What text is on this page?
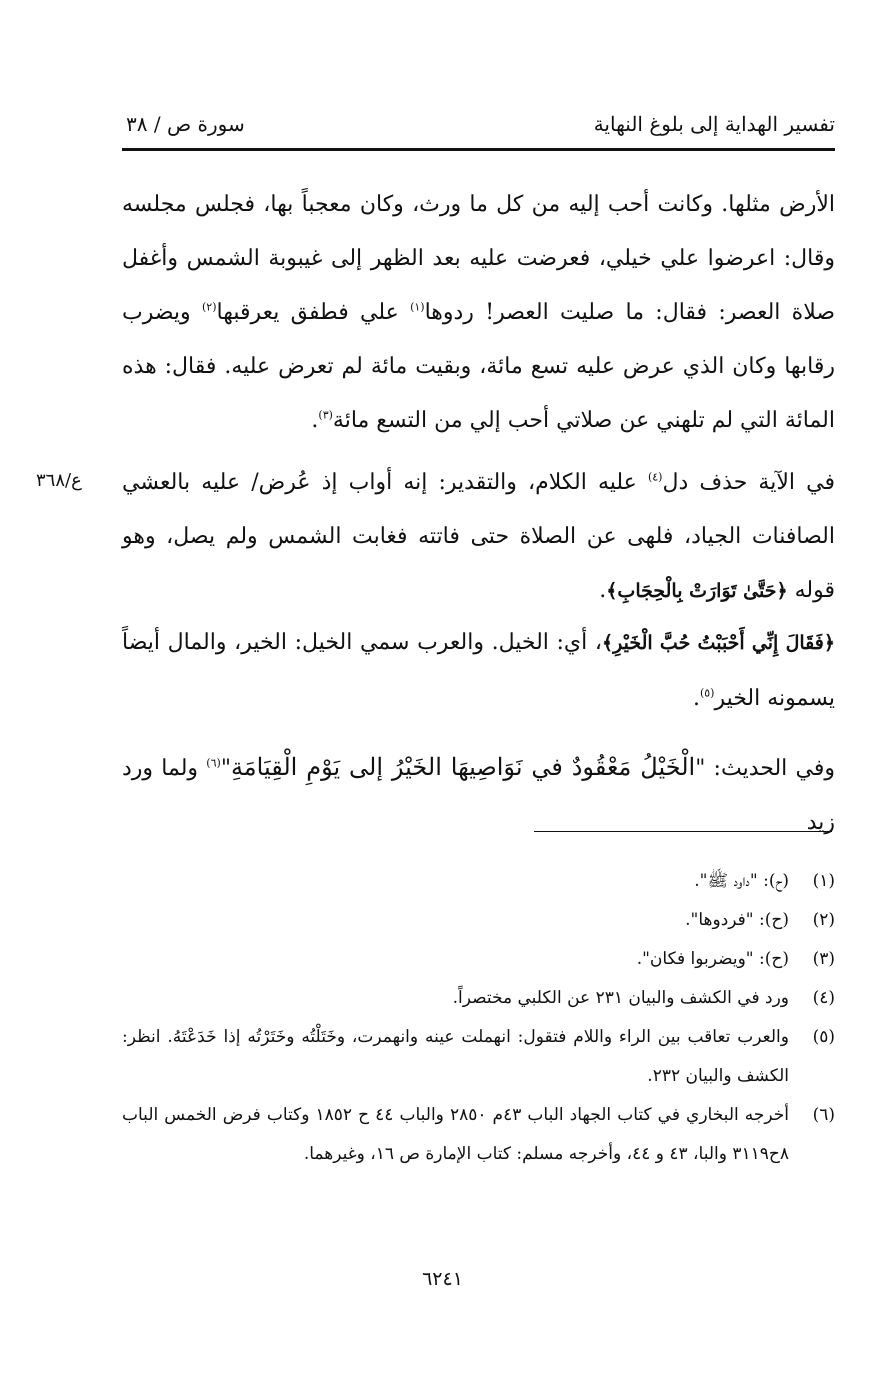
تفسير الهداية إلى بلوغ النهاية
سورة ص / ٣٨

الأرض مثلها. وكانت أحب إليه من كل ما ورث، وكان معجباً بها، فجلس مجلسه وقال: اعرضوا علي خيلي، فعرضت عليه بعد الظهر إلى غيبوبة الشمس وأغفل صلاة العصر: فقال: ما صليت العصر! ردوها$^{(١)}$ علي فطفق يعرقبها$^{(٢)}$ ويضرب رقابها وكان الذي عرض عليه تسع مائة، وبقيت مائة لم تعرض عليه. فقال: هذه المائة التي لم تلهني عن صلاتي أحب إلي من التسع مائة$^{(٣)}$.

ع/٣٦٨	في الآية حذف دل$^{(٤)}$ عليه الكلام، والتقدير: إنه أواب إذ عُرض/ عليه بالعشي الصافنات الجياد، فلهى عن الصلاة حتى فاتته فغابت الشمس ولم يصل، وهو قوله ﴿حَتَّىٰ تَوَارَتْ بِالْحِجَابِ﴾.

﴿فَقَالَ إِنِّي أَحْبَبْتُ حُبَّ الْخَيْرِ﴾، أي: الخيل. والعرب سمي الخيل: الخير، والمال أيضاً يسمونه الخير$^{(٥)}$.

وفي الحديث: "الْخَيْلُ مَعْقُودٌ في نَوَاصِيهَا الخَيْرُ إلى يَوْمِ الْقِيَامَةِ"$^{(٦)}$ ولما ورد زيد

(١)
(ح): "داود ﷺ".
(٢)
(ح): "فردوها".
(٣)
(ح): "ويضربوا فكان".
(٤)
ورد في الكشف والبيان ٢٣١ عن الكلبي مختصراً.
(٥)
والعرب تعاقب بين الراء واللام فتقول: انهملت عينه وانهمرت، وخَتَلْتُه وخَتَرْتُه إذا خَدَعْتَهُ. انظر: الكشف والبيان ٢٣٢.
(٦)
أخرجه البخاري في كتاب الجهاد الباب ٤٣م ٢٨٥٠ والباب ٤٤ ح ١٨٥٢ وكتاب فرض الخمس الباب ٨ح٣١١٩ والبا، ٤٣ و ٤٤، وأخرجه مسلم: كتاب الإمارة ص ١٦، وغيرهما.
٦٢٤١
